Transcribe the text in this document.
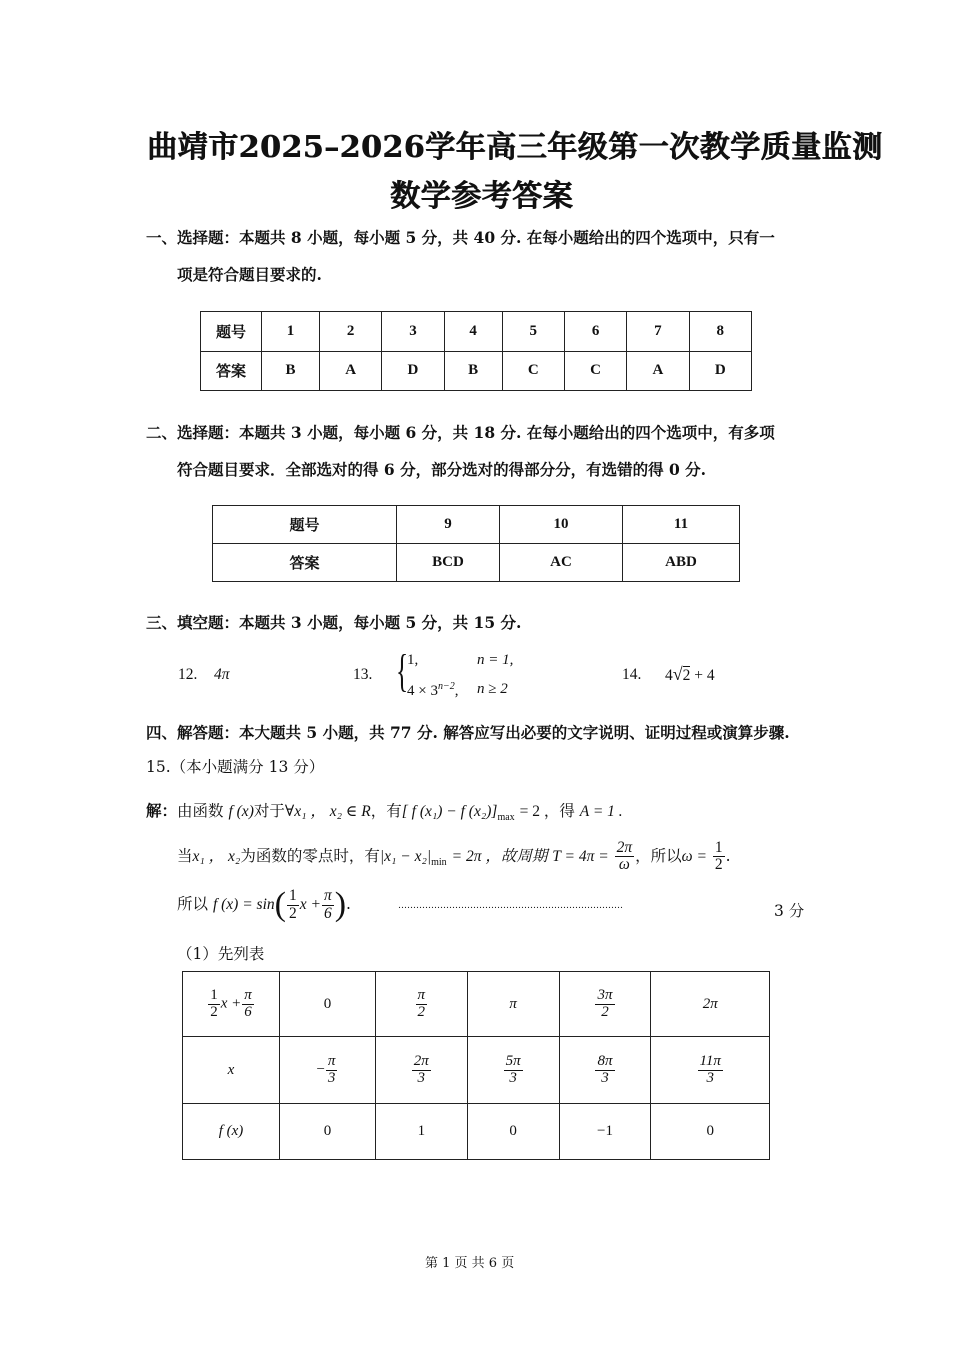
曲靖市2025–2026学年高三年级第一次教学质量监测
数学参考答案
一、选择题：本题共 8 小题，每小题 5 分，共 40 分. 在每小题给出的四个选项中，只有一
项是符合题目要求的.
题号	1	2	3	4	5	6	7	8
答案	B	A	D	B	C	C	A	D
二、选择题：本题共 3 小题，每小题 6 分，共 18 分. 在每小题给出的四个选项中，有多项
符合题目要求．全部选对的得 6 分，部分选对的得部分分，有选错的得 0 分.
题号	9	10	11
答案	BCD	AC	ABD
三、填空题：本题共 3 小题，每小题 5 分，共 15 分.
12. 4π	13. {
1,	n = 1,
$4 \times 3^{n-2}$, n ≥ 2
14. 4√2 + 4
四、解答题：本大题共 5 小题，共 77 分. 解答应写出必要的文字说明、证明过程或演算步骤.
15.（本小题满分 13 分）
解：由函数 f (x)对于∀x₁ ， x₂ ∈ R，有[ f (x₁) − f $(x_2)]_{max} = 2$ ，得 A = 1 .
当x₁ ， x₂为函数的零点时，有$|x_1 - x_2|_{min} = 2\pi$ ，故周期 $T = 4\pi = \frac{2\pi}{\omega}$ ，所以$\omega = \frac{1}{2}$ .
所以 f $(x) = \sin( \frac{1}{2}$ $x + \frac{\pi}{6}$ ).	…………………………………………………………………	3 分
（1）先列表
$\frac{1}{2}$ $x + \frac{\pi}{6}$	0	$\frac{\pi}{2}$	π	$\frac{3\pi}{2}$	2π
x	− $\frac{\pi}{3}$	$\frac{2\pi}{3}$	$\frac{5\pi}{3}$	$\frac{8\pi}{3}$	$\frac{11\pi}{3}$

f (x)	0	1	0	−1	0
第 1 页 共 6 页
